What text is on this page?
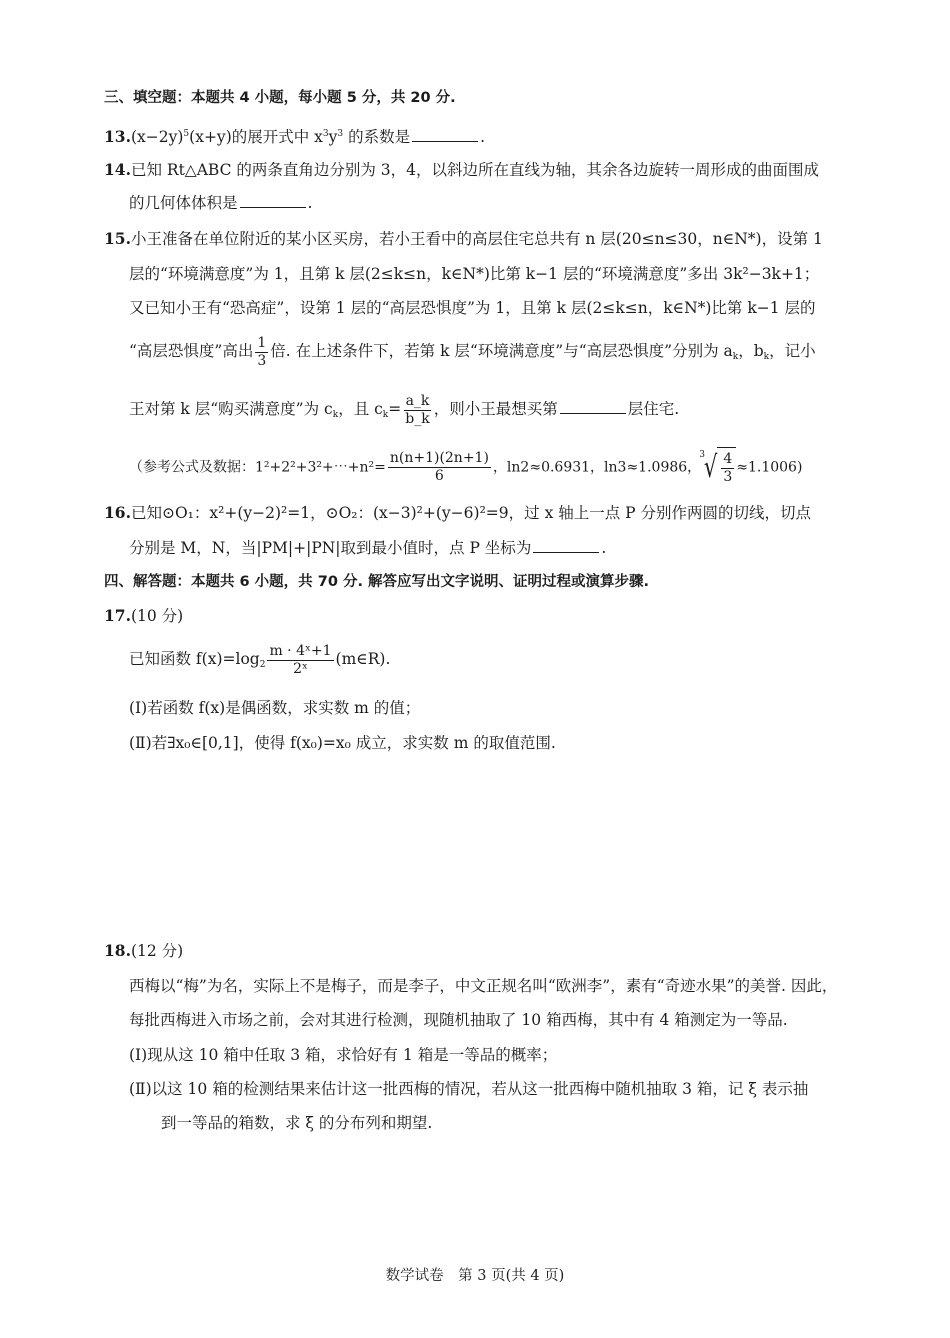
三、填空题：本题共 4 小题，每小题 5 分，共 20 分.
$13.(x-2y)^5(x+y)$的展开式中 $x^3y^3$ 的系数是	.
14.已知 Rt△ABC 的两条直角边分别为 3，4，以斜边所在直线为轴，其余各边旋转一周形成的曲面围成
的几何体体积是	.
15.小王准备在单位附近的某小区买房，若小王看中的高层住宅总共有 n 层(20≤n≤30，n∈N*)，设第 1
层的“环境满意度”为 1，且第 k 层(2≤k≤n，k∈N*)比第 k−1 层的“环境满意度”多出 3k²−3k+1；
又已知小王有“恐高症”，设第 1 层的“高层恐惧度”为 1，且第 k 层(2≤k≤n，k∈N*)比第 k−1 层的
“高层恐惧度”高出 $\frac{1}{3}$ 倍. 在上述条件下，若第 k 层“环境满意度”与“高层恐惧度”分别为 $a_k$，$b_k$，记小
王对第 k 层“购买满意度”为 $c_k$，且 $c_k= \frac{a\_k}{b\_k}$ ，则小王最想买第	层住宅.
（参考公式及数据：1²+2²+3²+⋯+n²= $\frac{n(n+1)(2n+1)}{6}$ ，ln2≈0.6931，ln3≈1.0986，
3 √ $\frac{4}{3} \approx 1.1006$)
16.已知⊙O₁：x²+(y−2)²=1，⊙O₂：(x−3)²+(y−6)²=9，过 x 轴上一点 P 分别作两圆的切线，切点
分别是 M，N，当|PM|+|PN|取到最小值时，点 P 坐标为	.
四、解答题：本题共 6 小题，共 70 分. 解答应写出文字说明、证明过程或演算步骤.
17.(10 分)
已知函数 $f(x)=\log_2 \frac{\text{m · 4ˣ+1}}{\text{2ˣ}}$ (m∈R).
(Ⅰ)若函数 f(x)是偶函数，求实数 m 的值；
(Ⅱ)若∃x₀∈[0,1]，使得 f(x₀)=x₀ 成立，求实数 m 的取值范围.
18.(12 分)
西梅以“梅”为名，实际上不是梅子，而是李子，中文正规名叫“欧洲李”，素有“奇迹水果”的美誉. 因此，
每批西梅进入市场之前，会对其进行检测，现随机抽取了 10 箱西梅，其中有 4 箱测定为一等品.
(Ⅰ)现从这 10 箱中任取 3 箱，求恰好有 1 箱是一等品的概率；
(Ⅱ)以这 10 箱的检测结果来估计这一批西梅的情况，若从这一批西梅中随机抽取 3 箱，记 ξ 表示抽
到一等品的箱数，求 ξ 的分布列和期望.
数学试卷　第 3 页(共 4 页)
